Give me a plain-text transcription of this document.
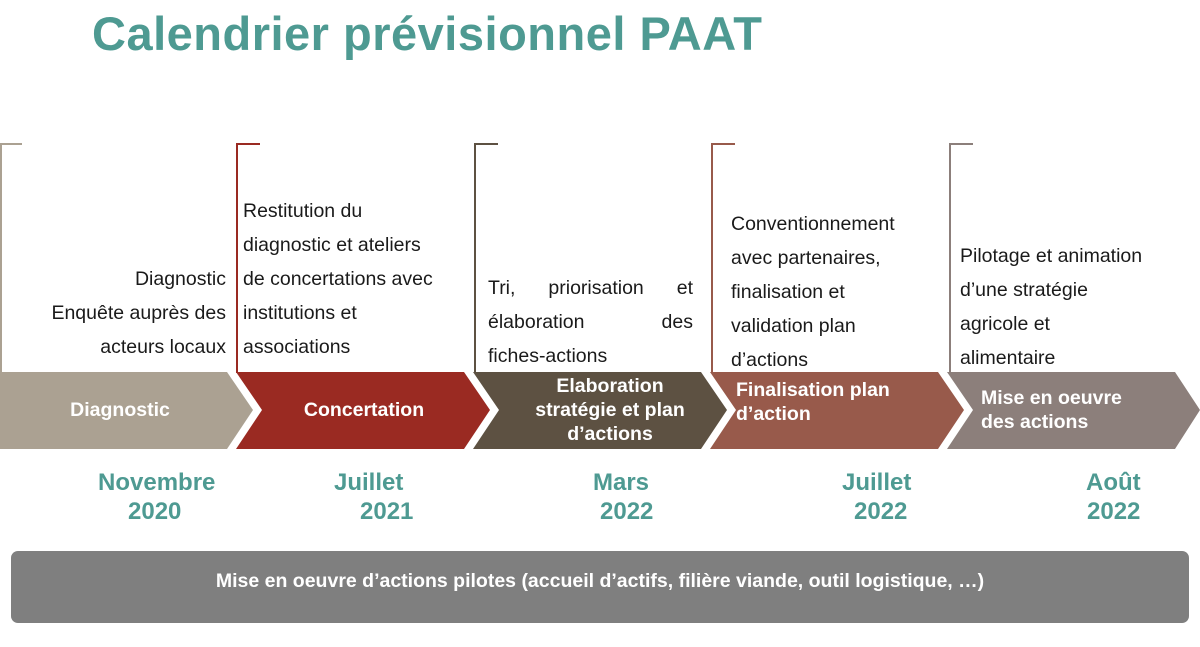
Calendrier prévisionnel PAAT
Diagnostic
Enquête auprès des
acteurs locaux
Restitution du
diagnostic et ateliers
de concertations avec
institutions et
associations
Tri, priorisation et
élaboration des
fiches-actions
Conventionnement
avec partenaires,
finalisation et
validation plan
d’actions
Pilotage et animation
d’une stratégie
agricole et
alimentaire
Diagnostic	Concertation
Elaboration
stratégie et plan
d’actions
Finalisation plan
d’action
Mise en oeuvre
des actions
Novembre
2020
Juillet
2021
Mars
2022
Juillet
2022
Août
2022
Mise en oeuvre d’actions pilotes (accueil d’actifs, filière viande, outil logistique, …)
